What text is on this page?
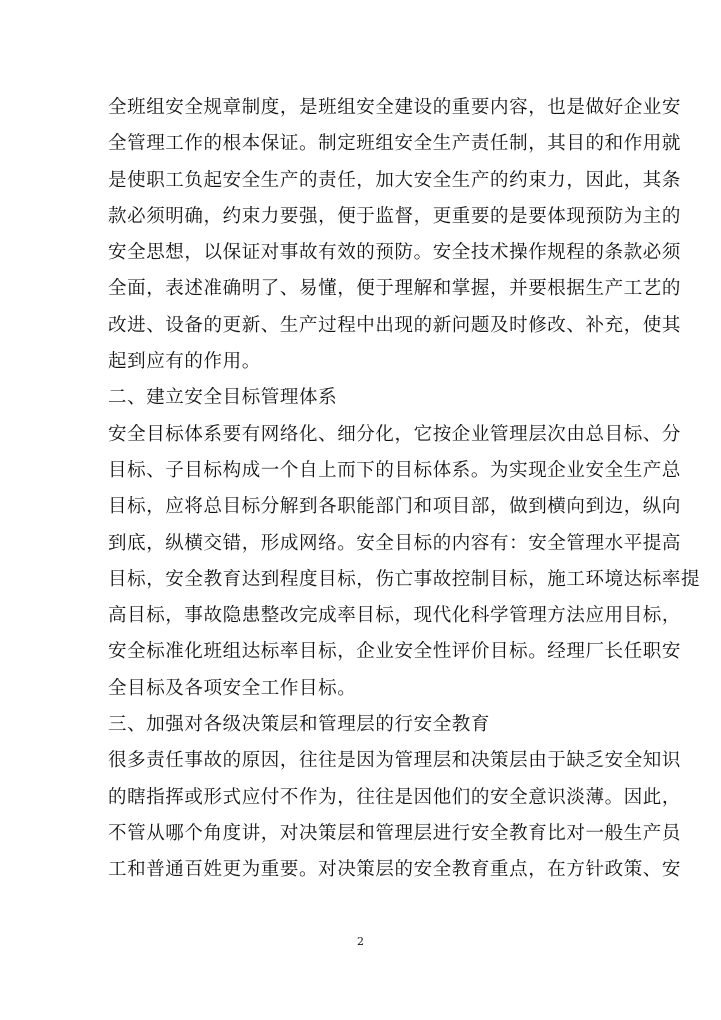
全班组安全规章制度，是班组安全建设的重要内容，也是做好企业安
全管理工作的根本保证。制定班组安全生产责任制，其目的和作用就
是使职工负起安全生产的责任，加大安全生产的约束力，因此，其条
款必须明确，约束力要强，便于监督，更重要的是要体现预防为主的
安全思想，以保证对事故有效的预防。安全技术操作规程的条款必须
全面，表述准确明了、易懂，便于理解和掌握，并要根据生产工艺的
改进、设备的更新、生产过程中出现的新问题及时修改、补充，使其
起到应有的作用。
二、建立安全目标管理体系
安全目标体系要有网络化、细分化，它按企业管理层次由总目标、分
目标、子目标构成一个自上而下的目标体系。为实现企业安全生产总
目标，应将总目标分解到各职能部门和项目部，做到横向到边，纵向
到底，纵横交错，形成网络。安全目标的内容有：安全管理水平提高
目标，安全教育达到程度目标，伤亡事故控制目标，施工环境达标率提
高目标，事故隐患整改完成率目标，现代化科学管理方法应用目标，
安全标准化班组达标率目标，企业安全性评价目标。经理厂长任职安
全目标及各项安全工作目标。
三、加强对各级决策层和管理层的行安全教育
很多责任事故的原因，往往是因为管理层和决策层由于缺乏安全知识
的瞎指挥或形式应付不作为，往往是因他们的安全意识淡薄。因此，
不管从哪个角度讲，对决策层和管理层进行安全教育比对一般生产员
工和普通百姓更为重要。对决策层的安全教育重点，在方针政策、安
2
